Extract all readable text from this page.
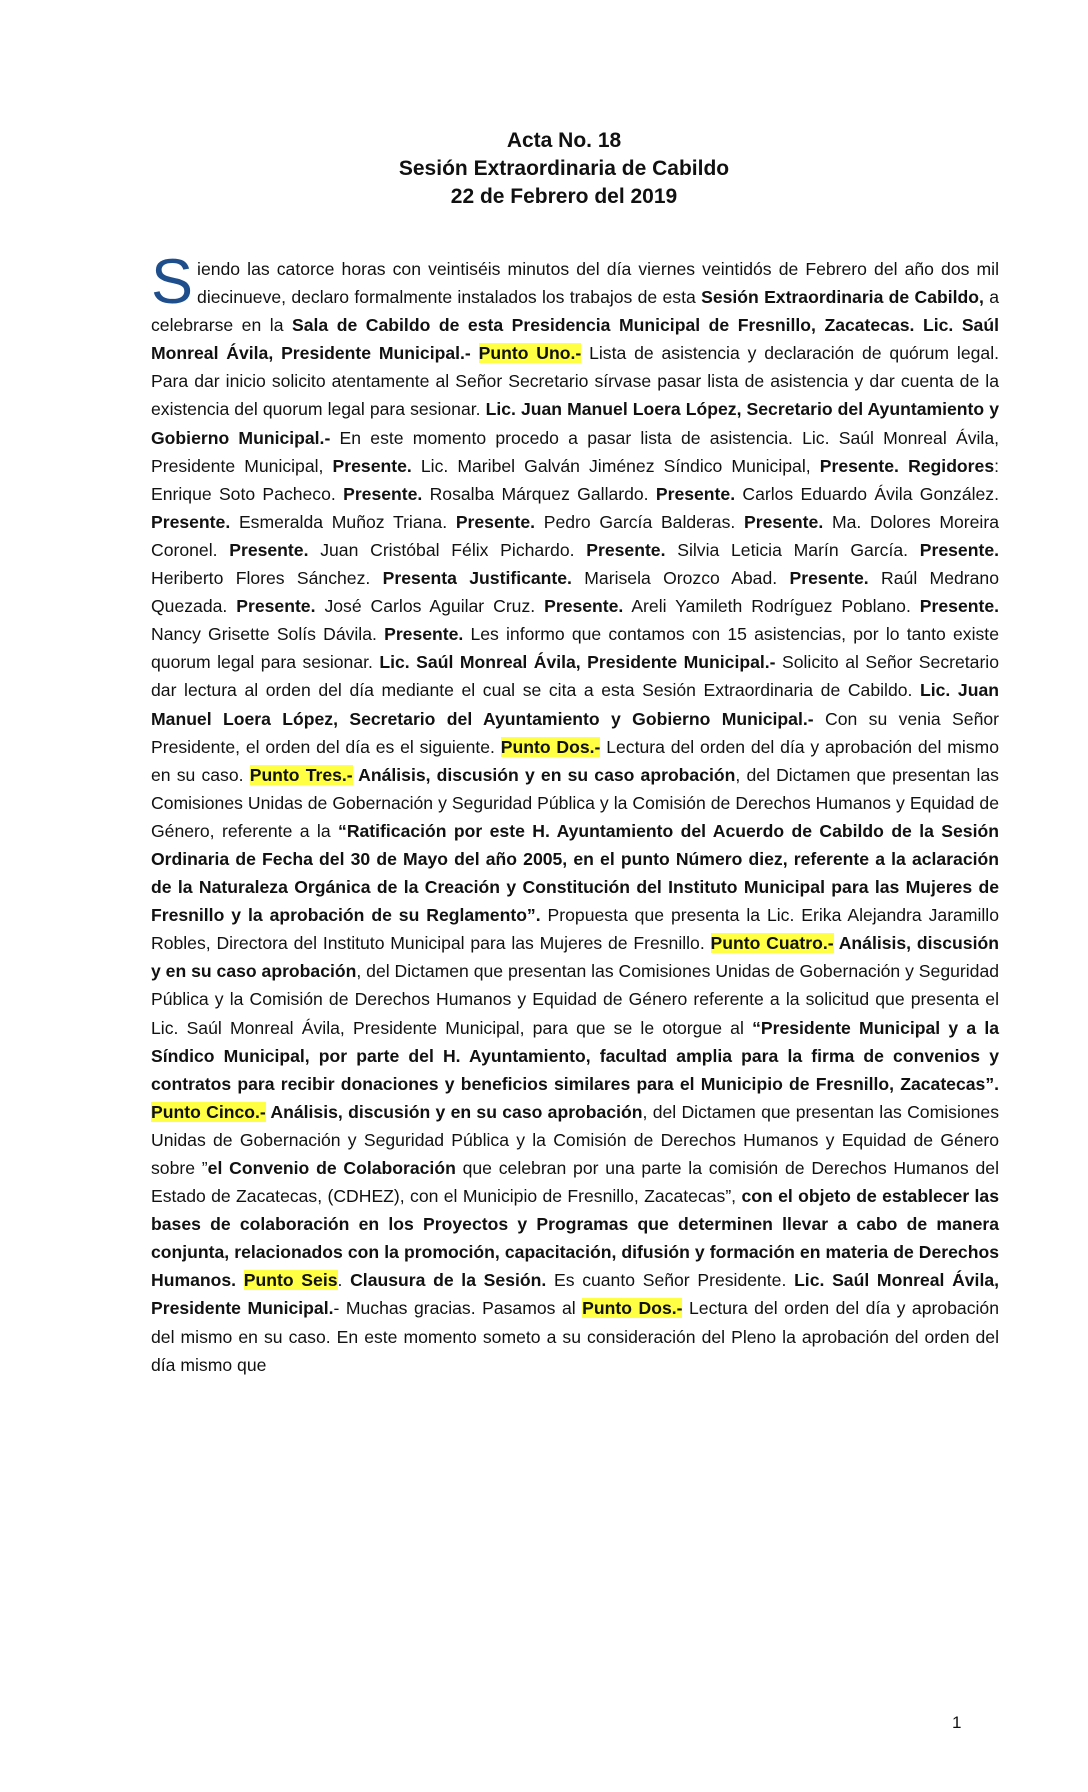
Acta No. 18
Sesión Extraordinaria de Cabildo
22 de Febrero del 2019
Siendo las catorce horas con veintiséis minutos del día viernes veintidós de Febrero del año dos mil diecinueve, declaro formalmente instalados los trabajos de esta Sesión Extraordinaria de Cabildo, a celebrarse en la Sala de Cabildo de esta Presidencia Municipal de Fresnillo, Zacatecas. Lic. Saúl Monreal Ávila, Presidente Municipal.- Punto Uno.- Lista de asistencia y declaración de quórum legal. Para dar inicio solicito atentamente al Señor Secretario sírvase pasar lista de asistencia y dar cuenta de la existencia del quorum legal para sesionar. Lic. Juan Manuel Loera López, Secretario del Ayuntamiento y Gobierno Municipal.- En este momento procedo a pasar lista de asistencia. Lic. Saúl Monreal Ávila, Presidente Municipal, Presente. Lic. Maribel Galván Jiménez Síndico Municipal, Presente. Regidores: Enrique Soto Pacheco. Presente. Rosalba Márquez Gallardo. Presente. Carlos Eduardo Ávila González. Presente. Esmeralda Muñoz Triana. Presente. Pedro García Balderas. Presente. Ma. Dolores Moreira Coronel. Presente. Juan Cristóbal Félix Pichardo. Presente. Silvia Leticia Marín García. Presente. Heriberto Flores Sánchez. Presenta Justificante. Marisela Orozco Abad. Presente. Raúl Medrano Quezada. Presente. José Carlos Aguilar Cruz. Presente. Areli Yamileth Rodríguez Poblano. Presente. Nancy Grisette Solís Dávila. Presente. Les informo que contamos con 15 asistencias, por lo tanto existe quorum legal para sesionar. Lic. Saúl Monreal Ávila, Presidente Municipal.- Solicito al Señor Secretario dar lectura al orden del día mediante el cual se cita a esta Sesión Extraordinaria de Cabildo. Lic. Juan Manuel Loera López, Secretario del Ayuntamiento y Gobierno Municipal.- Con su venia Señor Presidente, el orden del día es el siguiente. Punto Dos.- Lectura del orden del día y aprobación del mismo en su caso. Punto Tres.- Análisis, discusión y en su caso aprobación, del Dictamen que presentan las Comisiones Unidas de Gobernación y Seguridad Pública y la Comisión de Derechos Humanos y Equidad de Género, referente a la “Ratificación por este H. Ayuntamiento del Acuerdo de Cabildo de la Sesión Ordinaria de Fecha del 30 de Mayo del año 2005, en el punto Número diez, referente a la aclaración de la Naturaleza Orgánica de la Creación y Constitución del Instituto Municipal para las Mujeres de Fresnillo y la aprobación de su Reglamento”. Propuesta que presenta la Lic. Erika Alejandra Jaramillo Robles, Directora del Instituto Municipal para las Mujeres de Fresnillo. Punto Cuatro.- Análisis, discusión y en su caso aprobación, del Dictamen que presentan las Comisiones Unidas de Gobernación y Seguridad Pública y la Comisión de Derechos Humanos y Equidad de Género referente a la solicitud que presenta el Lic. Saúl Monreal Ávila, Presidente Municipal, para que se le otorgue al “Presidente Municipal y a la Síndico Municipal, por parte del H. Ayuntamiento, facultad amplia para la firma de convenios y contratos para recibir donaciones y beneficios similares para el Municipio de Fresnillo, Zacatecas”. Punto Cinco.- Análisis, discusión y en su caso aprobación, del Dictamen que presentan las Comisiones Unidas de Gobernación y Seguridad Pública y la Comisión de Derechos Humanos y Equidad de Género sobre ”el Convenio de Colaboración que celebran por una parte la comisión de Derechos Humanos del Estado de Zacatecas, (CDHEZ), con el Municipio de Fresnillo, Zacatecas”, con el objeto de establecer las bases de colaboración en los Proyectos y Programas que determinen llevar a cabo de manera conjunta, relacionados con la promoción, capacitación, difusión y formación en materia de Derechos Humanos. Punto Seis. Clausura de la Sesión. Es cuanto Señor Presidente. Lic. Saúl Monreal Ávila, Presidente Municipal.- Muchas gracias. Pasamos al Punto Dos.- Lectura del orden del día y aprobación del mismo en su caso. En este momento someto a su consideración del Pleno la aprobación del orden del día mismo que
1
